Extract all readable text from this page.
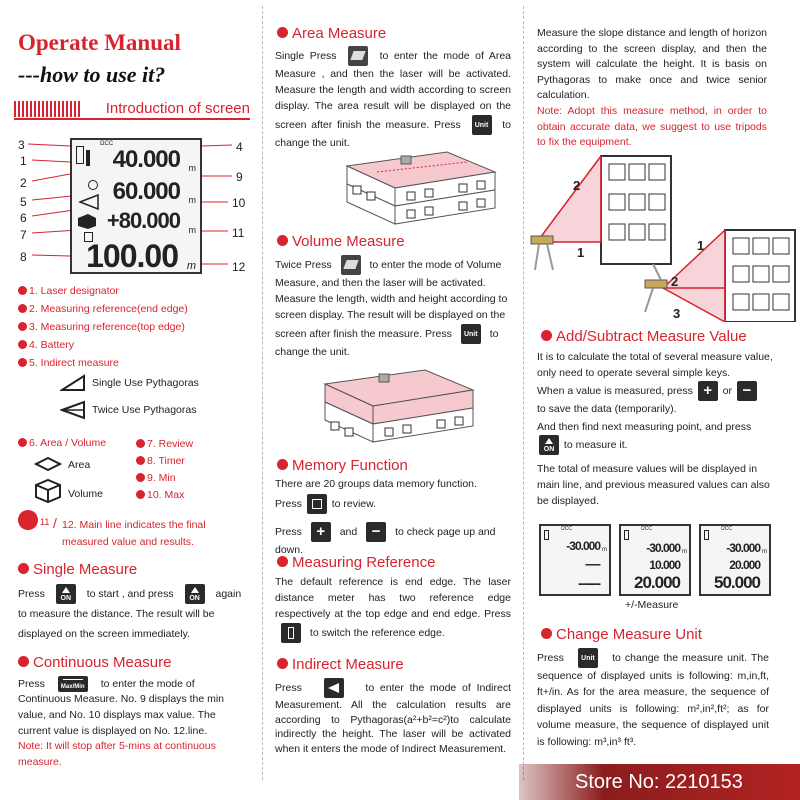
Operate Manual
---how to use it?
Introduction of screen
3
1
2
5
6
7
8
4
9
10
11
12
ΩCC
40.000 m
60.000 m
+80.000 m
100.00 m
1. Laser designator
2. Measuring reference(end edge)
3. Measuring reference(top edge)
4. Battery
5. Indirect measure
Single Use Pythagoras
Twice Use Pythagoras
6. Area / Volume	7. Review
8. Timer
9. Min
10. Max
Area
Volume
11 / 12. Main line indicates the final measured value and results.
Single Measure
Press	ON	to start , and press	ON	again
to measure the distance. The result will be displayed on the screen immediately.
Continuous Measure
Press	Max/Min	to enter the mode of Continuous Measure. No. 9 displays the min value, and No. 10 displays max value. The current value is displayed on No. 12.line.
Note: It will stop after 5-mins at continuous measure.
Area Measure
Single Press	to enter the mode of Area Measure , and then the laser will be activated. Measure the length and width according to screen display. The area result will be displayed on the screen after finish the measure. Press	Unit	to change the unit.
Volume Measure
Twice Press	to enter the mode of Volume Measure, and then the laser will be activated. Measure the length, width and height according to screen display. The result will be displayed on the screen after finish the measure. Press	Unit	to change the unit.
Memory Function
There are 20 groups data memory function.
Press	to review.
Press + and − to check page up and down.
Measuring Reference
The default reference is end edge. The laser distance meter has two reference edge respectively at the top edge and end edge. Press
to switch the reference edge.
Indirect Measure
Press	to enter the mode of Indirect Measurement. All the calculation results are according to Pythagoras(a²+b²=c²)to calculate indirectly the height. The laser will be activated when it enters the mode of Indirect Measurement.
Measure the slope distance and length of horizon according to the screen display, and then the system will calculate the height. It is basis on Pythagoras to make once and twice senior calculation.
Note: Adopt this measure method, in order to obtain accurate data, we suggest to use tripods to fix the equipment.
2
1	1
2
3
Add/Subtract Measure Value
It is to calculate the total of several measure value, only need to operate several simple keys.
When a value is measured, press + or −
to save the data (temporarily).
And then find next measuring point, and press
ON to measure it.
The total of measure values will be displayed in main line, and previous measured values can also be displayed.
ΩCC
-30.000 m
-----
------
ΩCC
-30.000 m
10.000
20.000
ΩCC
-30.000 m
20.000
50.000
+/-Measure
Change Measure Unit
Press	Unit	to change the measure unit. The sequence of displayed units is following: m,in,ft, ft+/in. As for the area measure, the sequence of displayed units is following: m²,in²,ft²; as for volume measure, the sequence of displayed unit is following: m³,in³ ft³.
Store No: 2210153
